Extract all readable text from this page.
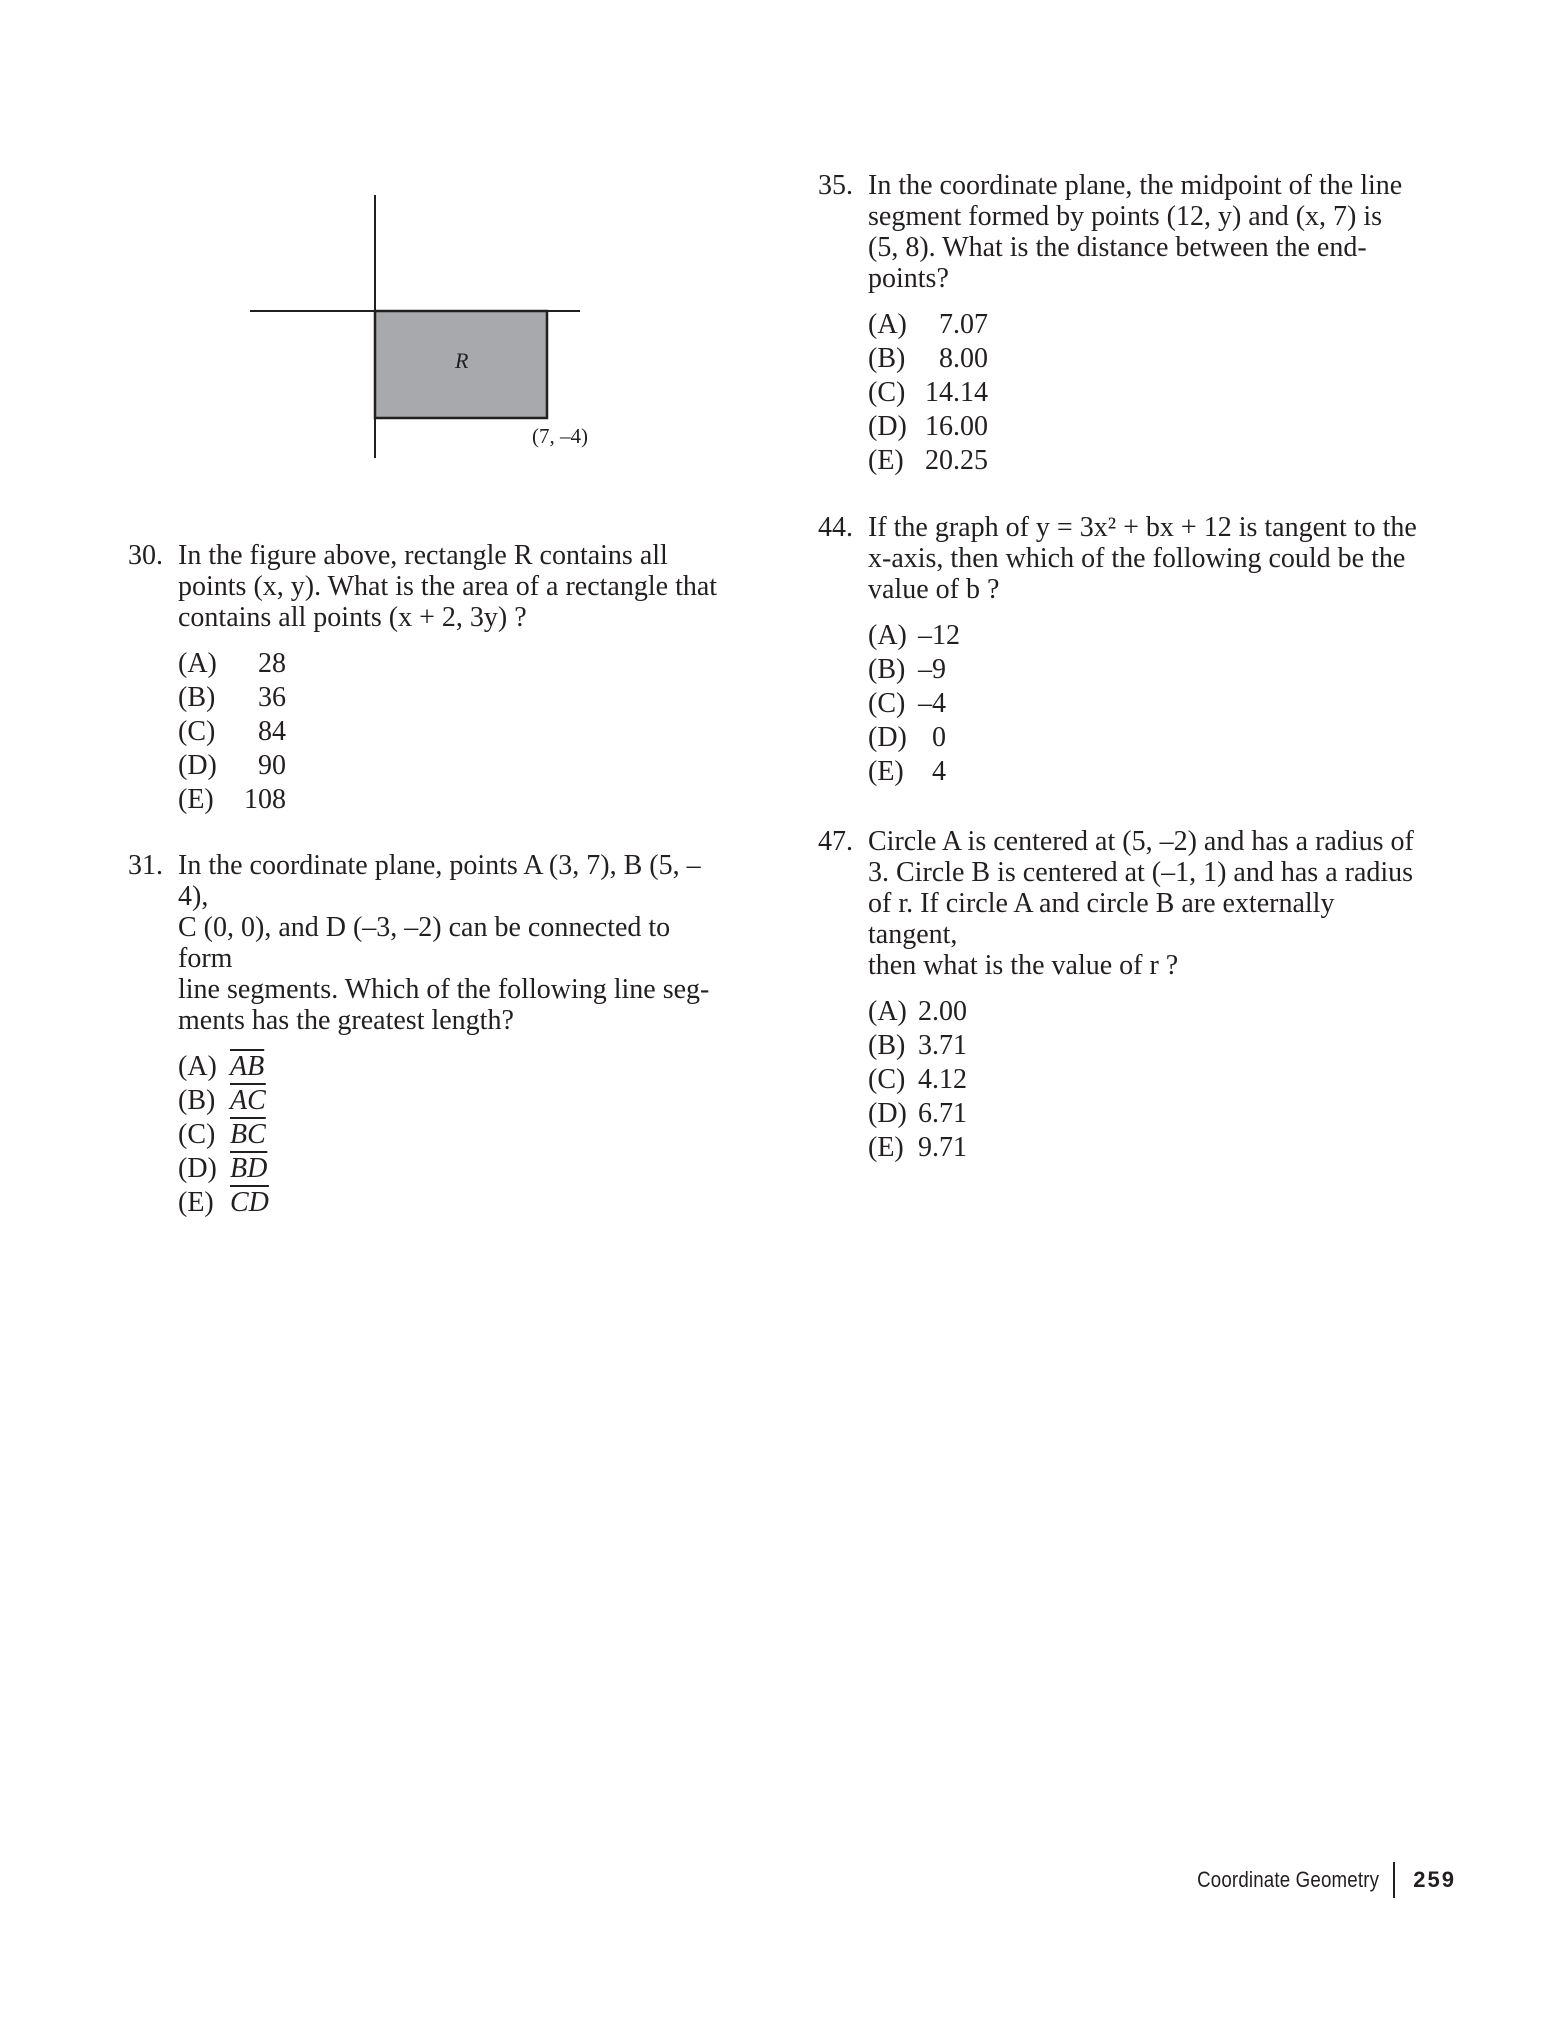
R
(7, –4)
30. In the figure above, rectangle R contains all
points (x, y). What is the area of a rectangle that
contains all points (x + 2, 3y) ?
(A)	28
(B)	36
(C)	84
(D)	90
(E)	108
31. In the coordinate plane, points A (3, 7), B (5, –4),
C (0, 0), and D (–3, –2) can be connected to form
line segments. Which of the following line seg-
ments has the greatest length?
(A) $\overline{AB}$
(B) $\overline{AC}$
(C) $\overline{BC}$
(D) $\overline{BD}$
(E) $\overline{CD}$
35. In the coordinate plane, the midpoint of the line
segment formed by points (12, y) and (x, 7) is
(5, 8). What is the distance between the end-
points?
(A)	7.07
(B)	8.00
(C) 14.14
(D) 16.00
(E) 20.25
44. If the graph of y = 3x² + bx + 12 is tangent to the
x-axis, then which of the following could be the
value of b ?
(A) –12
(B) –9
(C) –4
(D) 0
(E)	4
47. Circle A is centered at (5, –2) and has a radius of
3. Circle B is centered at (–1, 1) and has a radius
of r. If circle A and circle B are externally tangent,
then what is the value of r ?
(A) 2.00
(B) 3.71
(C) 4.12
(D) 6.71
(E) 9.71
Coordinate Geometry 259
